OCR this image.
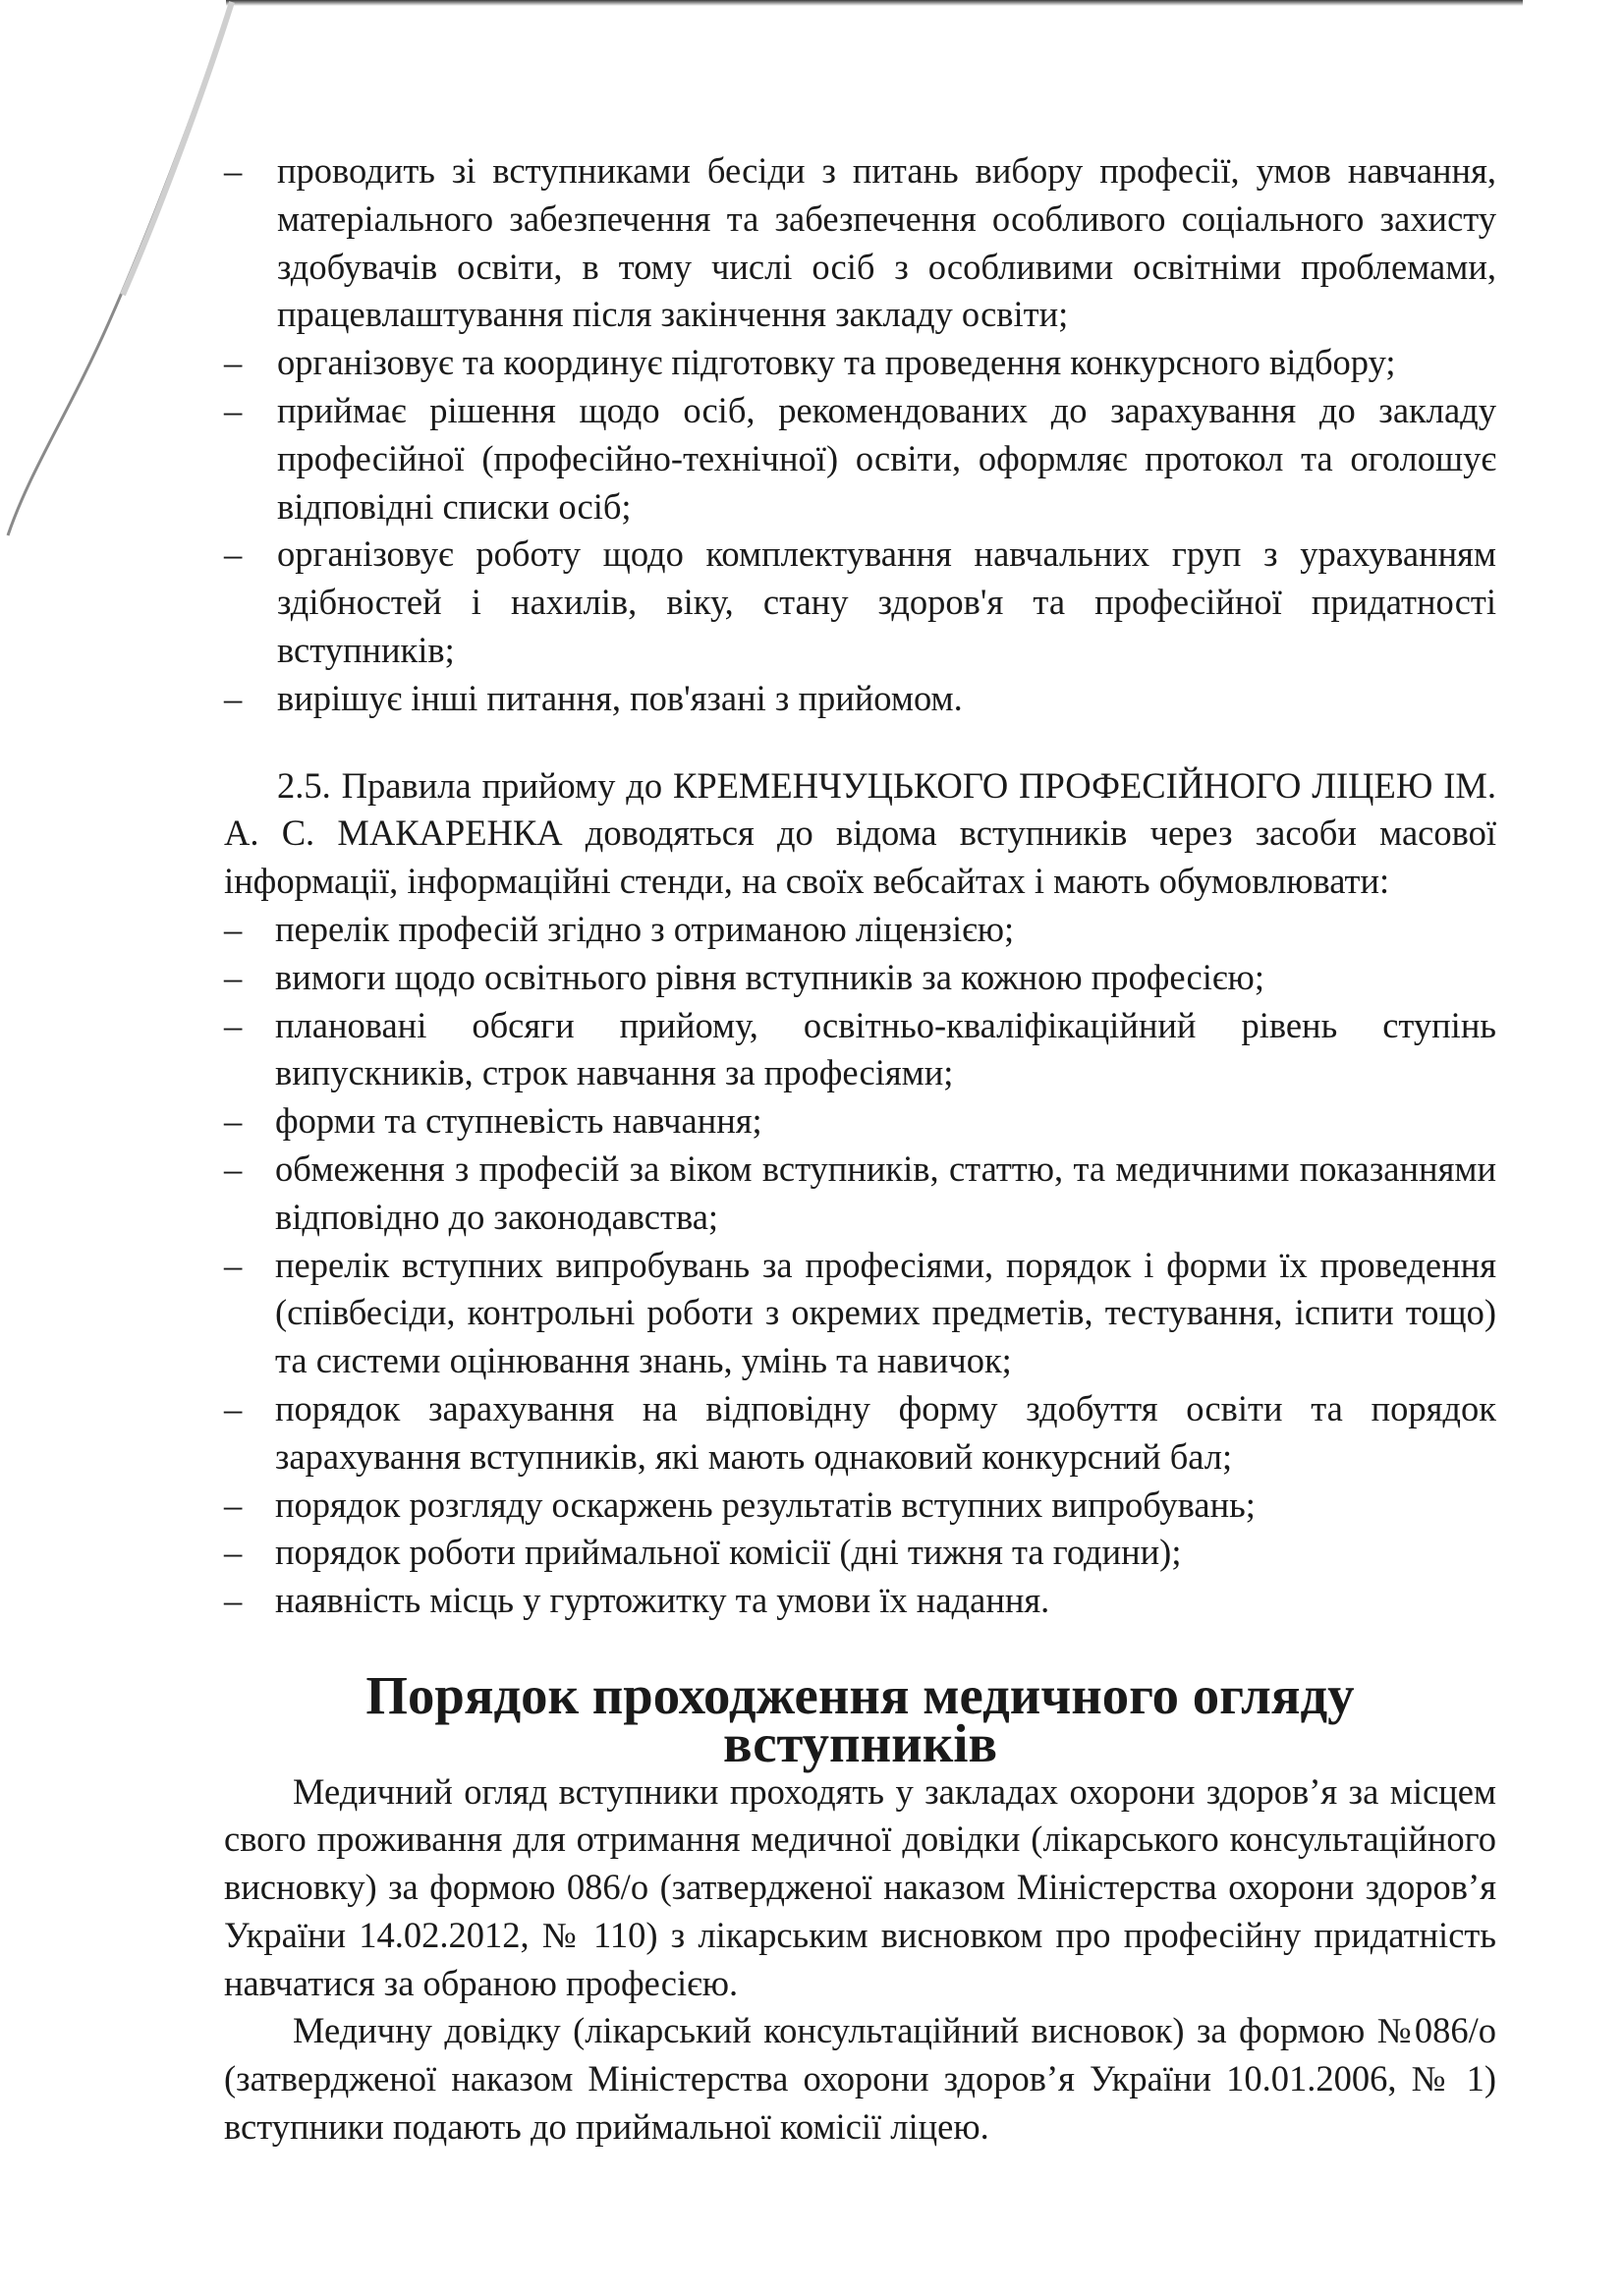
– проводить зі вступниками бесіди з питань вибору професії, умов навчання, матеріального забезпечення та забезпечення особливого соціального захисту здобувачів освіти, в тому числі осіб з особливими освітніми проблемами, працевлаштування після закінчення закладу освіти;
– організовує та координує підготовку та проведення конкурсного відбору;
– приймає рішення щодо осіб, рекомендованих до зарахування до закладу професійної (професійно-технічної) освіти, оформляє протокол та оголошує відповідні списки осіб;
– організовує роботу щодо комплектування навчальних груп з урахуванням здібностей і нахилів, віку, стану здоров'я та професійної придатності вступників;
– вирішує інші питання, пов'язані з прийомом.

2.5. Правила прийому до КРЕМЕНЧУЦЬКОГО ПРОФЕСІЙНОГО ЛІЦЕЮ ІМ. А. С. МАКАРЕНКА доводяться до відома вступників через засоби масової інформації, інформаційні стенди, на своїх вебсайтах і мають обумовлювати:

– перелік професій згідно з отриманою ліцензією;
– вимоги щодо освітнього рівня вступників за кожною професією;
– плановані обсяги прийому, освітньо-кваліфікаційний рівень ступінь випускників, строк навчання за професіями;
– форми та ступневість навчання;
– обмеження з професій за віком вступників, статтю, та медичними показаннями відповідно до законодавства;
– перелік вступних випробувань за професіями, порядок і форми їх проведення (співбесіди, контрольні роботи з окремих предметів, тестування, іспити тощо) та системи оцінювання знань, умінь та навичок;
– порядок зарахування на відповідну форму здобуття освіти та порядок зарахування вступників, які мають однаковий конкурсний бал;
– порядок розгляду оскаржень результатів вступних випробувань;
– порядок роботи приймальної комісії (дні тижня та години);
– наявність місць у гуртожитку та умови їх надання.
Порядок проходження медичного огляду вступників

Медичний огляд вступники проходять у закладах охорони здоров’я за місцем свого проживання для отримання медичної довідки (лікарського консультаційного висновку) за формою 086/о (затвердженої наказом Міністерства охорони здоров’я України 14.02.2012, № 110) з лікарським висновком про професійну придатність навчатися за обраною професією.

Медичну довідку (лікарський консультаційний висновок) за формою №086/о (затвердженої наказом Міністерства охорони здоров’я України 10.01.2006, № 1) вступники подають до приймальної комісії ліцею.
